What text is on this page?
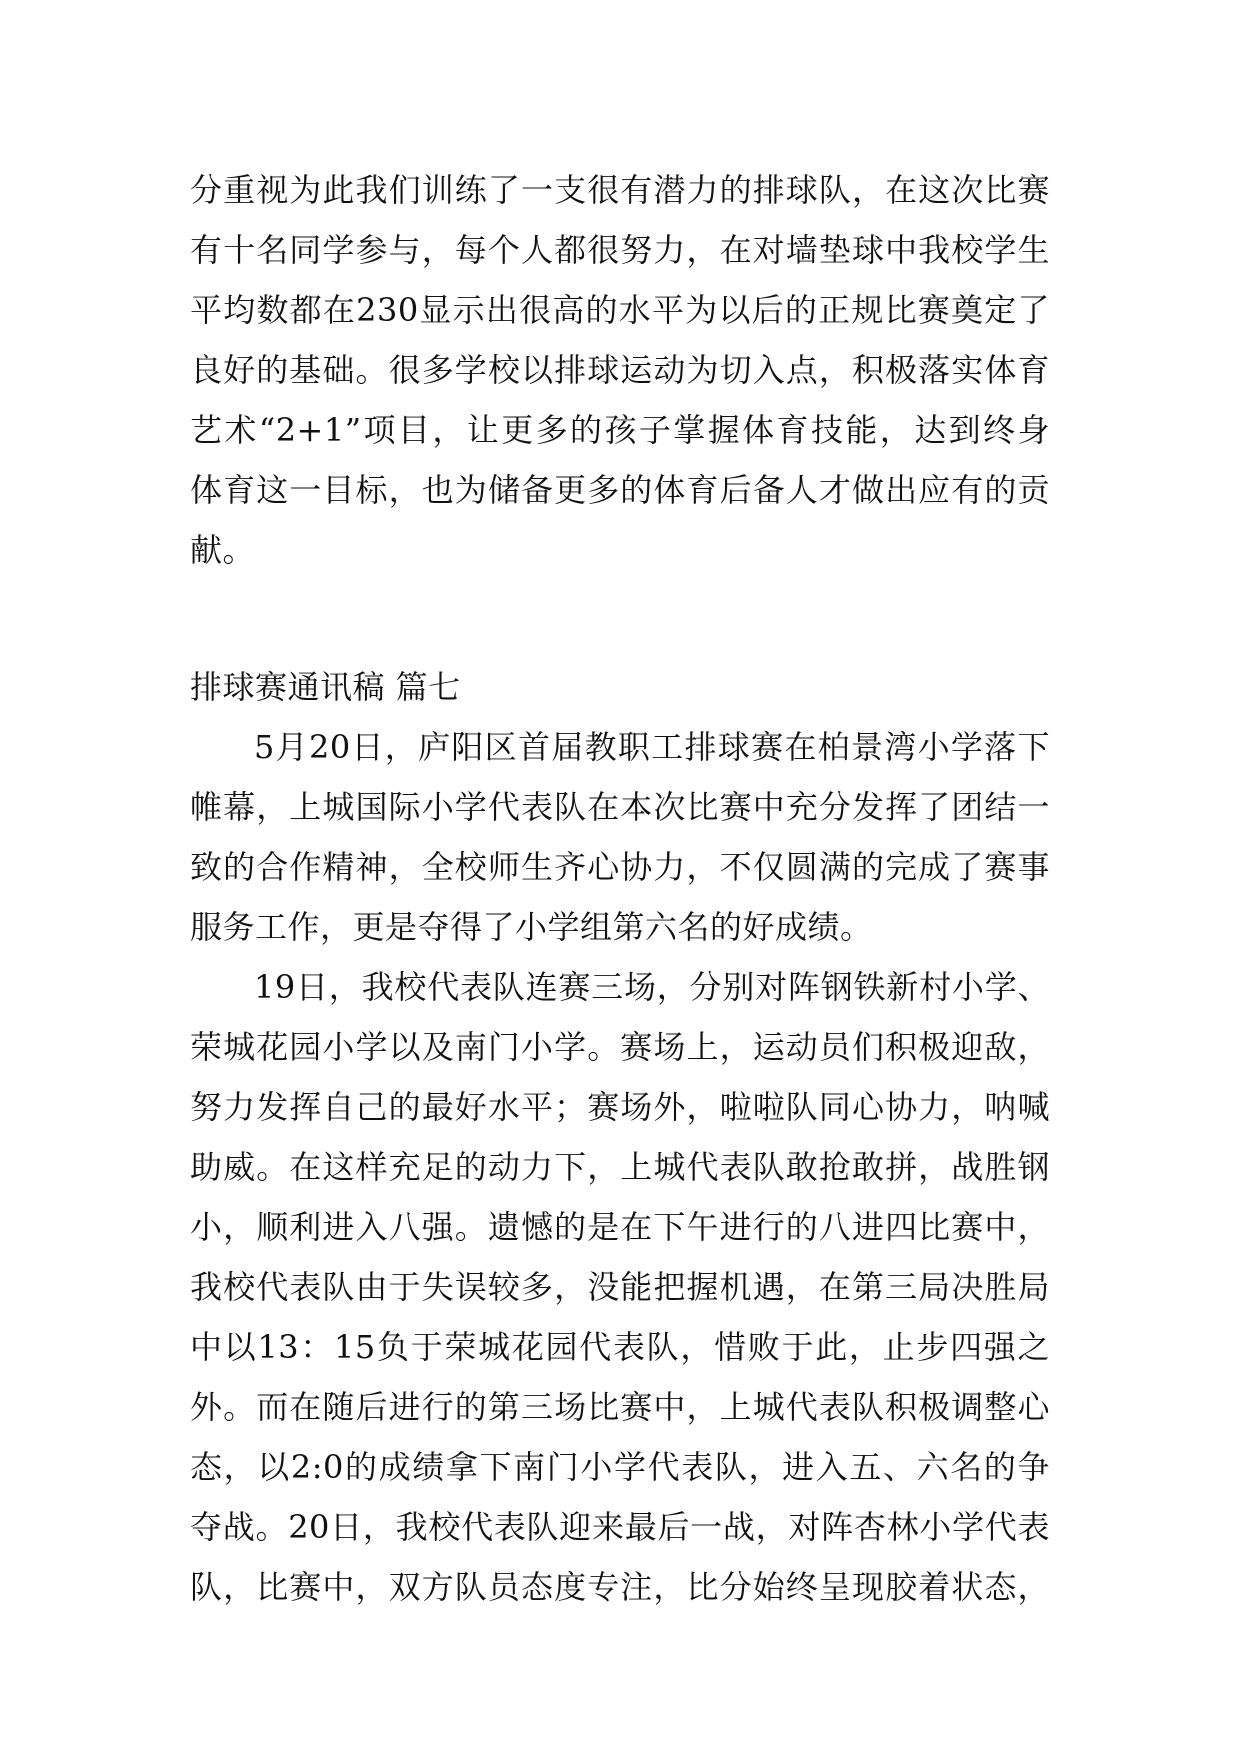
分重视为此我们训练了一支很有潜力的排球队，在这次比赛
有十名同学参与，每个人都很努力，在对墙垫球中我校学生
平均数都在230显示出很高的水平为以后的正规比赛奠定了
良好的基础。很多学校以排球运动为切入点，积极落实体育
艺术“2+1”项目，让更多的孩子掌握体育技能，达到终身
体育这一目标，也为储备更多的体育后备人才做出应有的贡
献。
排球赛通讯稿 篇七
5月20日，庐阳区首届教职工排球赛在柏景湾小学落下
帷幕，上城国际小学代表队在本次比赛中充分发挥了团结一
致的合作精神，全校师生齐心协力，不仅圆满的完成了赛事
服务工作，更是夺得了小学组第六名的好成绩。
19日，我校代表队连赛三场，分别对阵钢铁新村小学、
荣城花园小学以及南门小学。赛场上，运动员们积极迎敌，
努力发挥自己的最好水平；赛场外，啦啦队同心协力，呐喊
助威。在这样充足的动力下，上城代表队敢抢敢拼，战胜钢
小，顺利进入八强。遗憾的是在下午进行的八进四比赛中，
我校代表队由于失误较多，没能把握机遇，在第三局决胜局
中以13：15负于荣城花园代表队，惜败于此，止步四强之
外。而在随后进行的第三场比赛中，上城代表队积极调整心
态，以2:0的成绩拿下南门小学代表队，进入五、六名的争
夺战。20日，我校代表队迎来最后一战，对阵杏林小学代表
队，比赛中，双方队员态度专注，比分始终呈现胶着状态，
